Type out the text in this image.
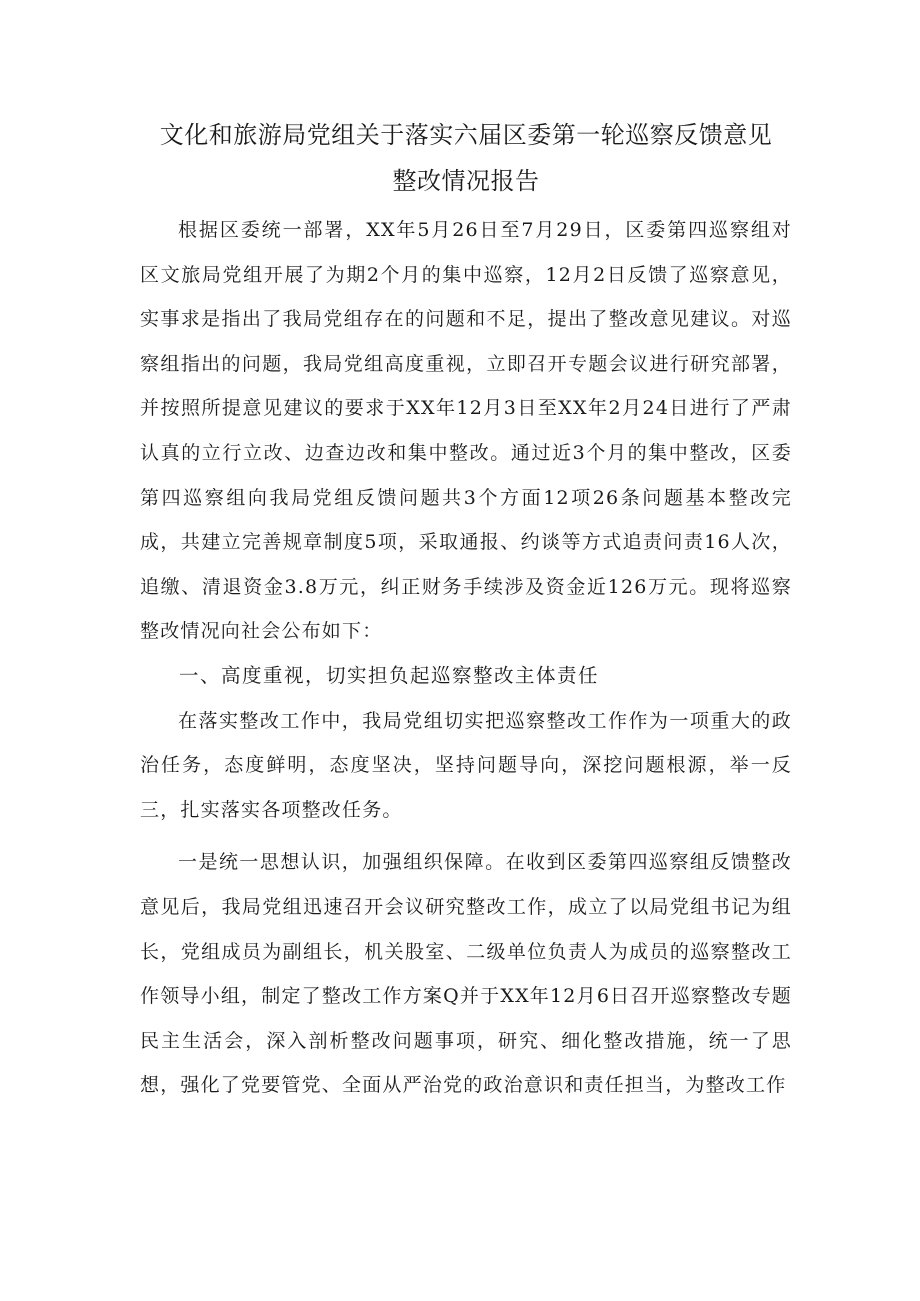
文化和旅游局党组关于落实六届区委第一轮巡察反馈意见
整改情况报告

根据区委统一部署，XX年5月26日至7月29日，区委第四巡察组对区文旅局党组开展了为期2个月的集中巡察，12月2日反馈了巡察意见，实事求是指出了我局党组存在的问题和不足，提出了整改意见建议。对巡察组指出的问题，我局党组高度重视，立即召开专题会议进行研究部署，并按照所提意见建议的要求于XX年12月3日至XX年2月24日进行了严肃认真的立行立改、边查边改和集中整改。通过近3个月的集中整改，区委第四巡察组向我局党组反馈问题共3个方面12项26条问题基本整改完成，共建立完善规章制度5项，采取通报、约谈等方式追责问责16人次，追缴、清退资金3.8万元，纠正财务手续涉及资金近126万元。现将巡察整改情况向社会公布如下：

一、高度重视，切实担负起巡察整改主体责任

在落实整改工作中，我局党组切实把巡察整改工作作为一项重大的政治任务，态度鲜明，态度坚决，坚持问题导向，深挖问题根源，举一反三，扎实落实各项整改任务。

一是统一思想认识，加强组织保障。在收到区委第四巡察组反馈整改意见后，我局党组迅速召开会议研究整改工作，成立了以局党组书记为组长，党组成员为副组长，机关股室、二级单位负责人为成员的巡察整改工作领导小组，制定了整改工作方案Q并于XX年12月6日召开巡察整改专题民主生活会，深入剖析整改问题事项，研究、细化整改措施，统一了思想，强化了党要管党、全面从严治党的政治意识和责任担当，为整改工作
